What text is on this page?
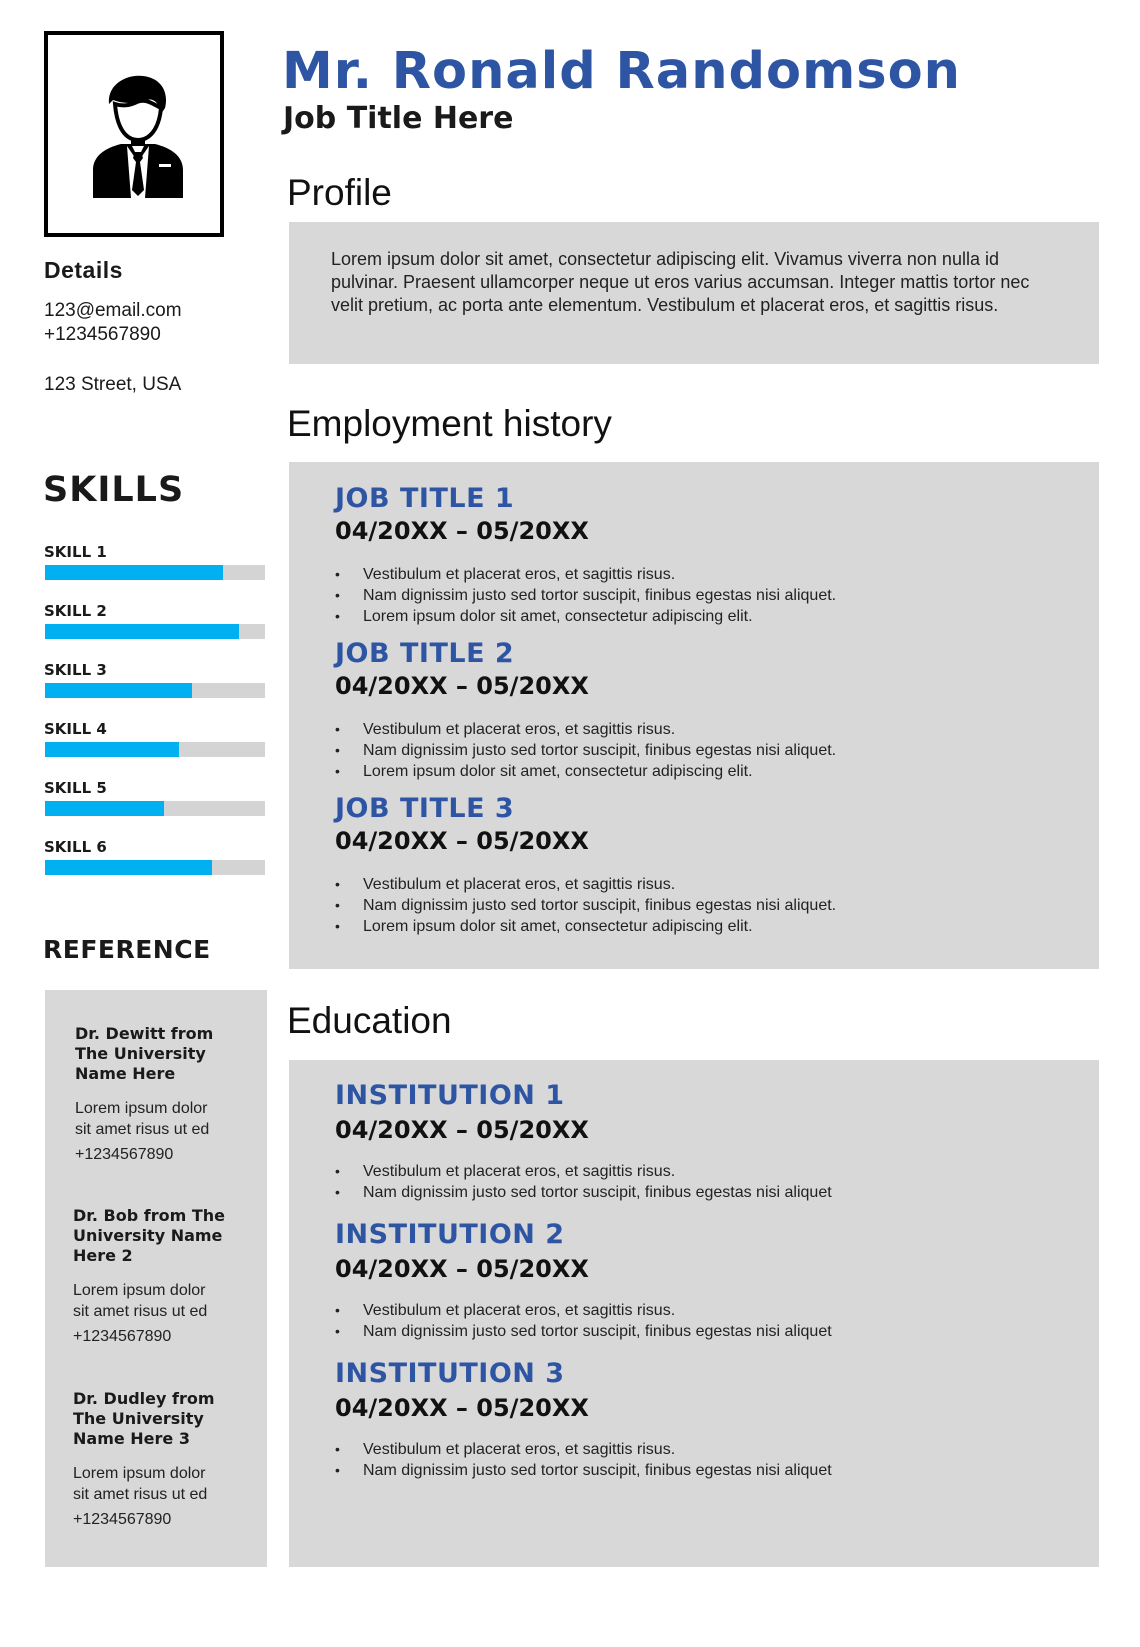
Details
123@email.com
+1234567890
123 Street, USA
SKILLS
SKILL 1
SKILL 2
SKILL 3
SKILL 4
SKILL 5
SKILL 6
REFERENCE
Dr. Dewitt from The University Name Here
Lorem ipsum dolor sit amet risus ut ed
+1234567890
Dr. Bob from The University Name Here 2
Lorem ipsum dolor sit amet risus ut ed
+1234567890
Dr. Dudley from The University Name Here 3
Lorem ipsum dolor sit amet risus ut ed
+1234567890
Mr. Ronald Randomson
Job Title Here
Profile
Lorem ipsum dolor sit amet, consectetur adipiscing elit. Vivamus viverra non nulla id pulvinar. Praesent ullamcorper neque ut eros varius accumsan. Integer mattis tortor nec velit pretium, ac porta ante elementum. Vestibulum et placerat eros, et sagittis risus.
Employment history
JOB TITLE 1
04/20XX – 05/20XX
• Vestibulum et placerat eros, et sagittis risus.
• Nam dignissim justo sed tortor suscipit, finibus egestas nisi aliquet.
• Lorem ipsum dolor sit amet, consectetur adipiscing elit.
JOB TITLE 2
04/20XX – 05/20XX
• Vestibulum et placerat eros, et sagittis risus.
• Nam dignissim justo sed tortor suscipit, finibus egestas nisi aliquet.
• Lorem ipsum dolor sit amet, consectetur adipiscing elit.
JOB TITLE 3
04/20XX – 05/20XX
• Vestibulum et placerat eros, et sagittis risus.
• Nam dignissim justo sed tortor suscipit, finibus egestas nisi aliquet.
• Lorem ipsum dolor sit amet, consectetur adipiscing elit.
Education
INSTITUTION 1
04/20XX – 05/20XX
• Vestibulum et placerat eros, et sagittis risus.
• Nam dignissim justo sed tortor suscipit, finibus egestas nisi aliquet
INSTITUTION 2
04/20XX – 05/20XX
• Vestibulum et placerat eros, et sagittis risus.
• Nam dignissim justo sed tortor suscipit, finibus egestas nisi aliquet
INSTITUTION 3
04/20XX – 05/20XX
• Vestibulum et placerat eros, et sagittis risus.
• Nam dignissim justo sed tortor suscipit, finibus egestas nisi aliquet
